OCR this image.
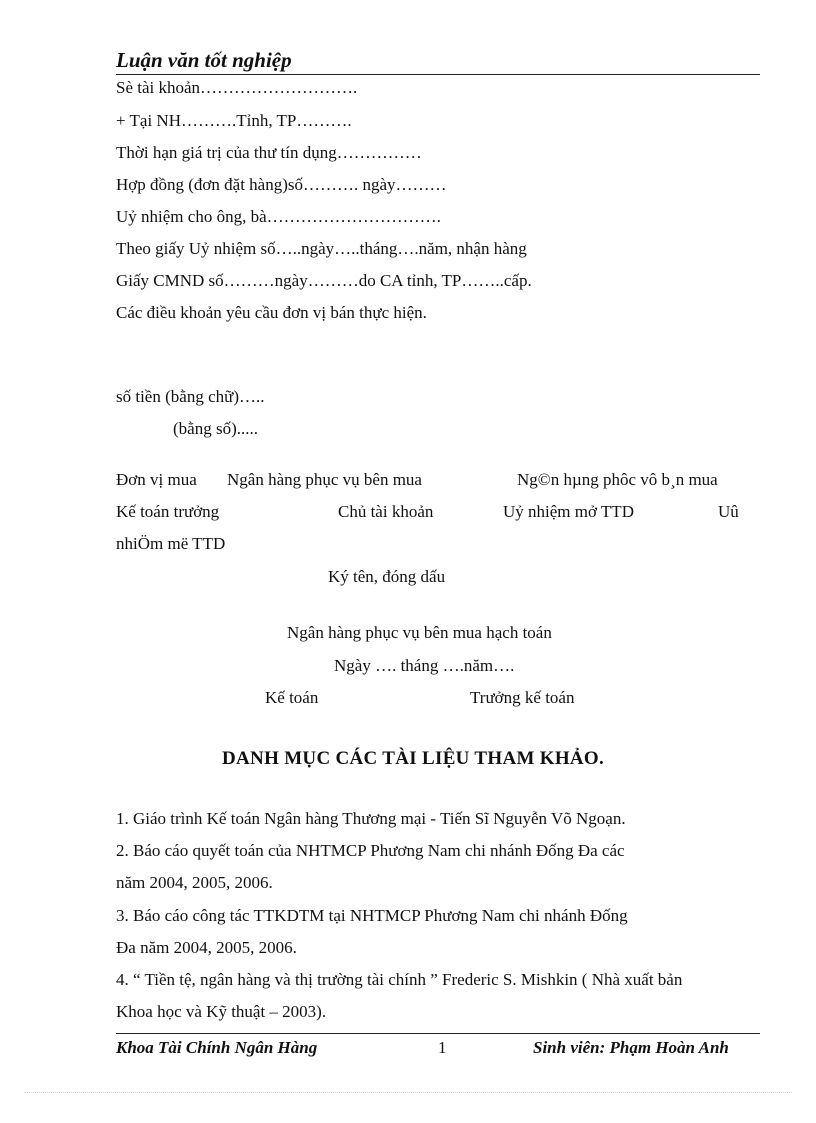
Luận văn tốt nghiệp
Sè tài khoản……………………….
+ Tại NH……….Tỉnh, TP……….
Thời hạn giá trị của thư tín dụng……………
Hợp đồng (đơn đặt hàng)số………. ngày………
Uỷ nhiệm cho ông, bà………………………….
Theo giấy Uỷ nhiệm số…..ngày…..tháng….năm, nhận hàng
Giấy CMND số………ngày………do CA tỉnh, TP……..cấp.
Các điều khoản yêu cầu đơn vị bán thực hiện.
số tiền (bằng chữ)…..
(bằng số).....
Đơn vị mua Ngân hàng phục vụ bên mua	Ng©n hµng phôc vô b¸n mua
Kế toán trưởng	Chủ tài khoản	Uỷ nhiệm mở TTD	Uû
nhiÖm më TTD
Ký tên, đóng dấu
Ngân hàng phục vụ bên mua hạch toán
Ngày …. tháng ….năm….
Kế toán	Trưởng kế toán
DANH MỤC CÁC TÀI LIỆU THAM KHẢO.
1. Giáo trình Kế toán Ngân hàng Thương mại - Tiến Sĩ Nguyễn Võ Ngoạn.
2. Báo cáo quyết toán của NHTMCP Phương Nam chi nhánh Đống Đa các
năm 2004, 2005, 2006.
3. Báo cáo công tác TTKDTM tại NHTMCP Phương Nam chi nhánh Đống
Đa năm 2004, 2005, 2006.
4. “ Tiền tệ, ngân hàng và thị trường tài chính ” Frederic S. Mishkin ( Nhà xuất bản
Khoa học và Kỹ thuật – 2003).
Khoa Tài Chính Ngân Hàng	1	Sinh viên: Phạm Hoàn Anh
